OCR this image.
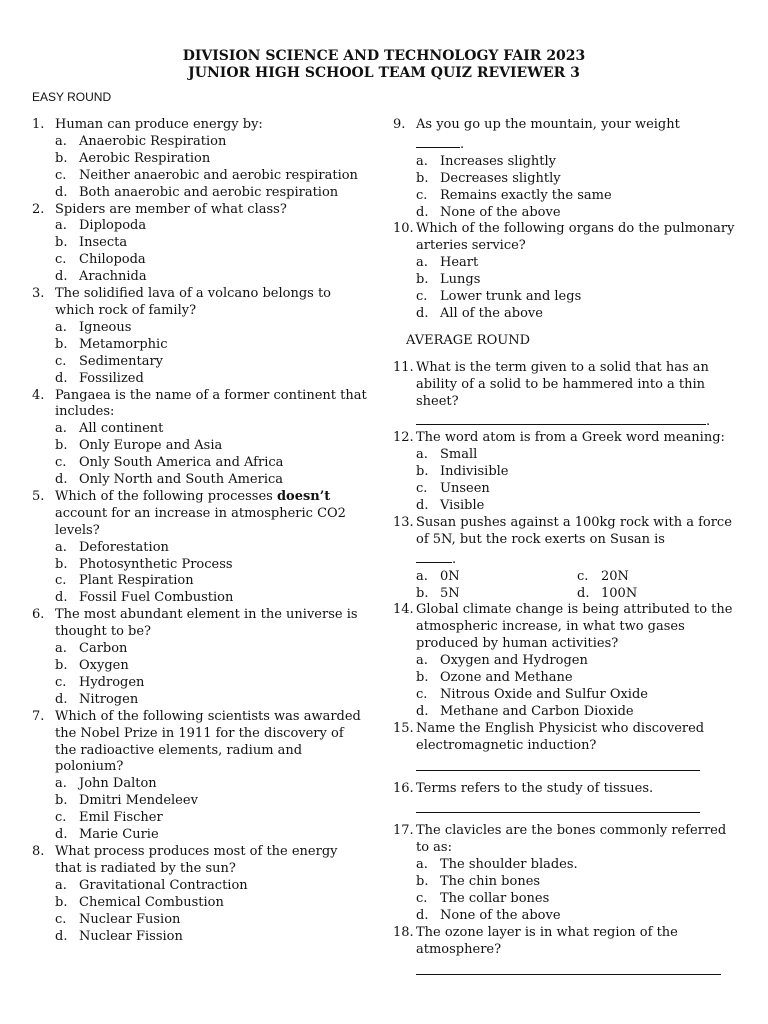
DIVISION SCIENCE AND TECHNOLOGY FAIR 2023
JUNIOR HIGH SCHOOL TEAM QUIZ REVIEWER 3
EASY ROUND
1. Human can produce energy by:
a. Anaerobic Respiration
b. Aerobic Respiration
c. Neither anaerobic and aerobic respiration
d. Both anaerobic and aerobic respiration
2. Spiders are member of what class?
a. Diplopoda
b. Insecta
c. Chilopoda
d. Arachnida
3. The solidified lava of a volcano belongs to which rock of family?
a. Igneous
b. Metamorphic
c. Sedimentary
d. Fossilized
4. Pangaea is the name of a former continent that includes:
a. All continent
b. Only Europe and Asia
c. Only South America and Africa
d. Only North and South America
5. Which of the following processes doesn’t account for an increase in atmospheric CO2 levels?
a. Deforestation
b. Photosynthetic Process
c. Plant Respiration
d. Fossil Fuel Combustion
6. The most abundant element in the universe is thought to be?
a. Carbon
b. Oxygen
c. Hydrogen
d. Nitrogen
7. Which of the following scientists was awarded the Nobel Prize in 1911 for the discovery of the radioactive elements, radium and polonium?
a. John Dalton
b. Dmitri Mendeleev
c. Emil Fischer
d. Marie Curie
8. What process produces most of the energy that is radiated by the sun?
a. Gravitational Contraction
b. Chemical Combustion
c. Nuclear Fusion
d. Nuclear Fission
9. As you go up the mountain, your weight
.
a. Increases slightly
b. Decreases slightly
c. Remains exactly the same
d. None of the above
10. Which of the following organs do the pulmonary arteries service?
a. Heart
b. Lungs
c. Lower trunk and legs
d. All of the above
AVERAGE ROUND
11. What is the term given to a solid that has an ability of a solid to be hammered into a thin sheet?
.
12. The word atom is from a Greek word meaning:
a. Small
b. Indivisible
c. Unseen
d. Visible
13. Susan pushes against a 100kg rock with a force of 5N, but the rock exerts on Susan is
.
a. 0N	c. 20N
b. 5N	d. 100N
14. Global climate change is being attributed to the atmospheric increase, in what two gases produced by human activities?
a. Oxygen and Hydrogen
b. Ozone and Methane
c. Nitrous Oxide and Sulfur Oxide
d. Methane and Carbon Dioxide
15. Name the English Physicist who discovered electromagnetic induction?
16. Terms refers to the study of tissues.
17. The clavicles are the bones commonly referred to as:
a. The shoulder blades.
b. The chin bones
c. The collar bones
d. None of the above
18. The ozone layer is in what region of the atmosphere?
